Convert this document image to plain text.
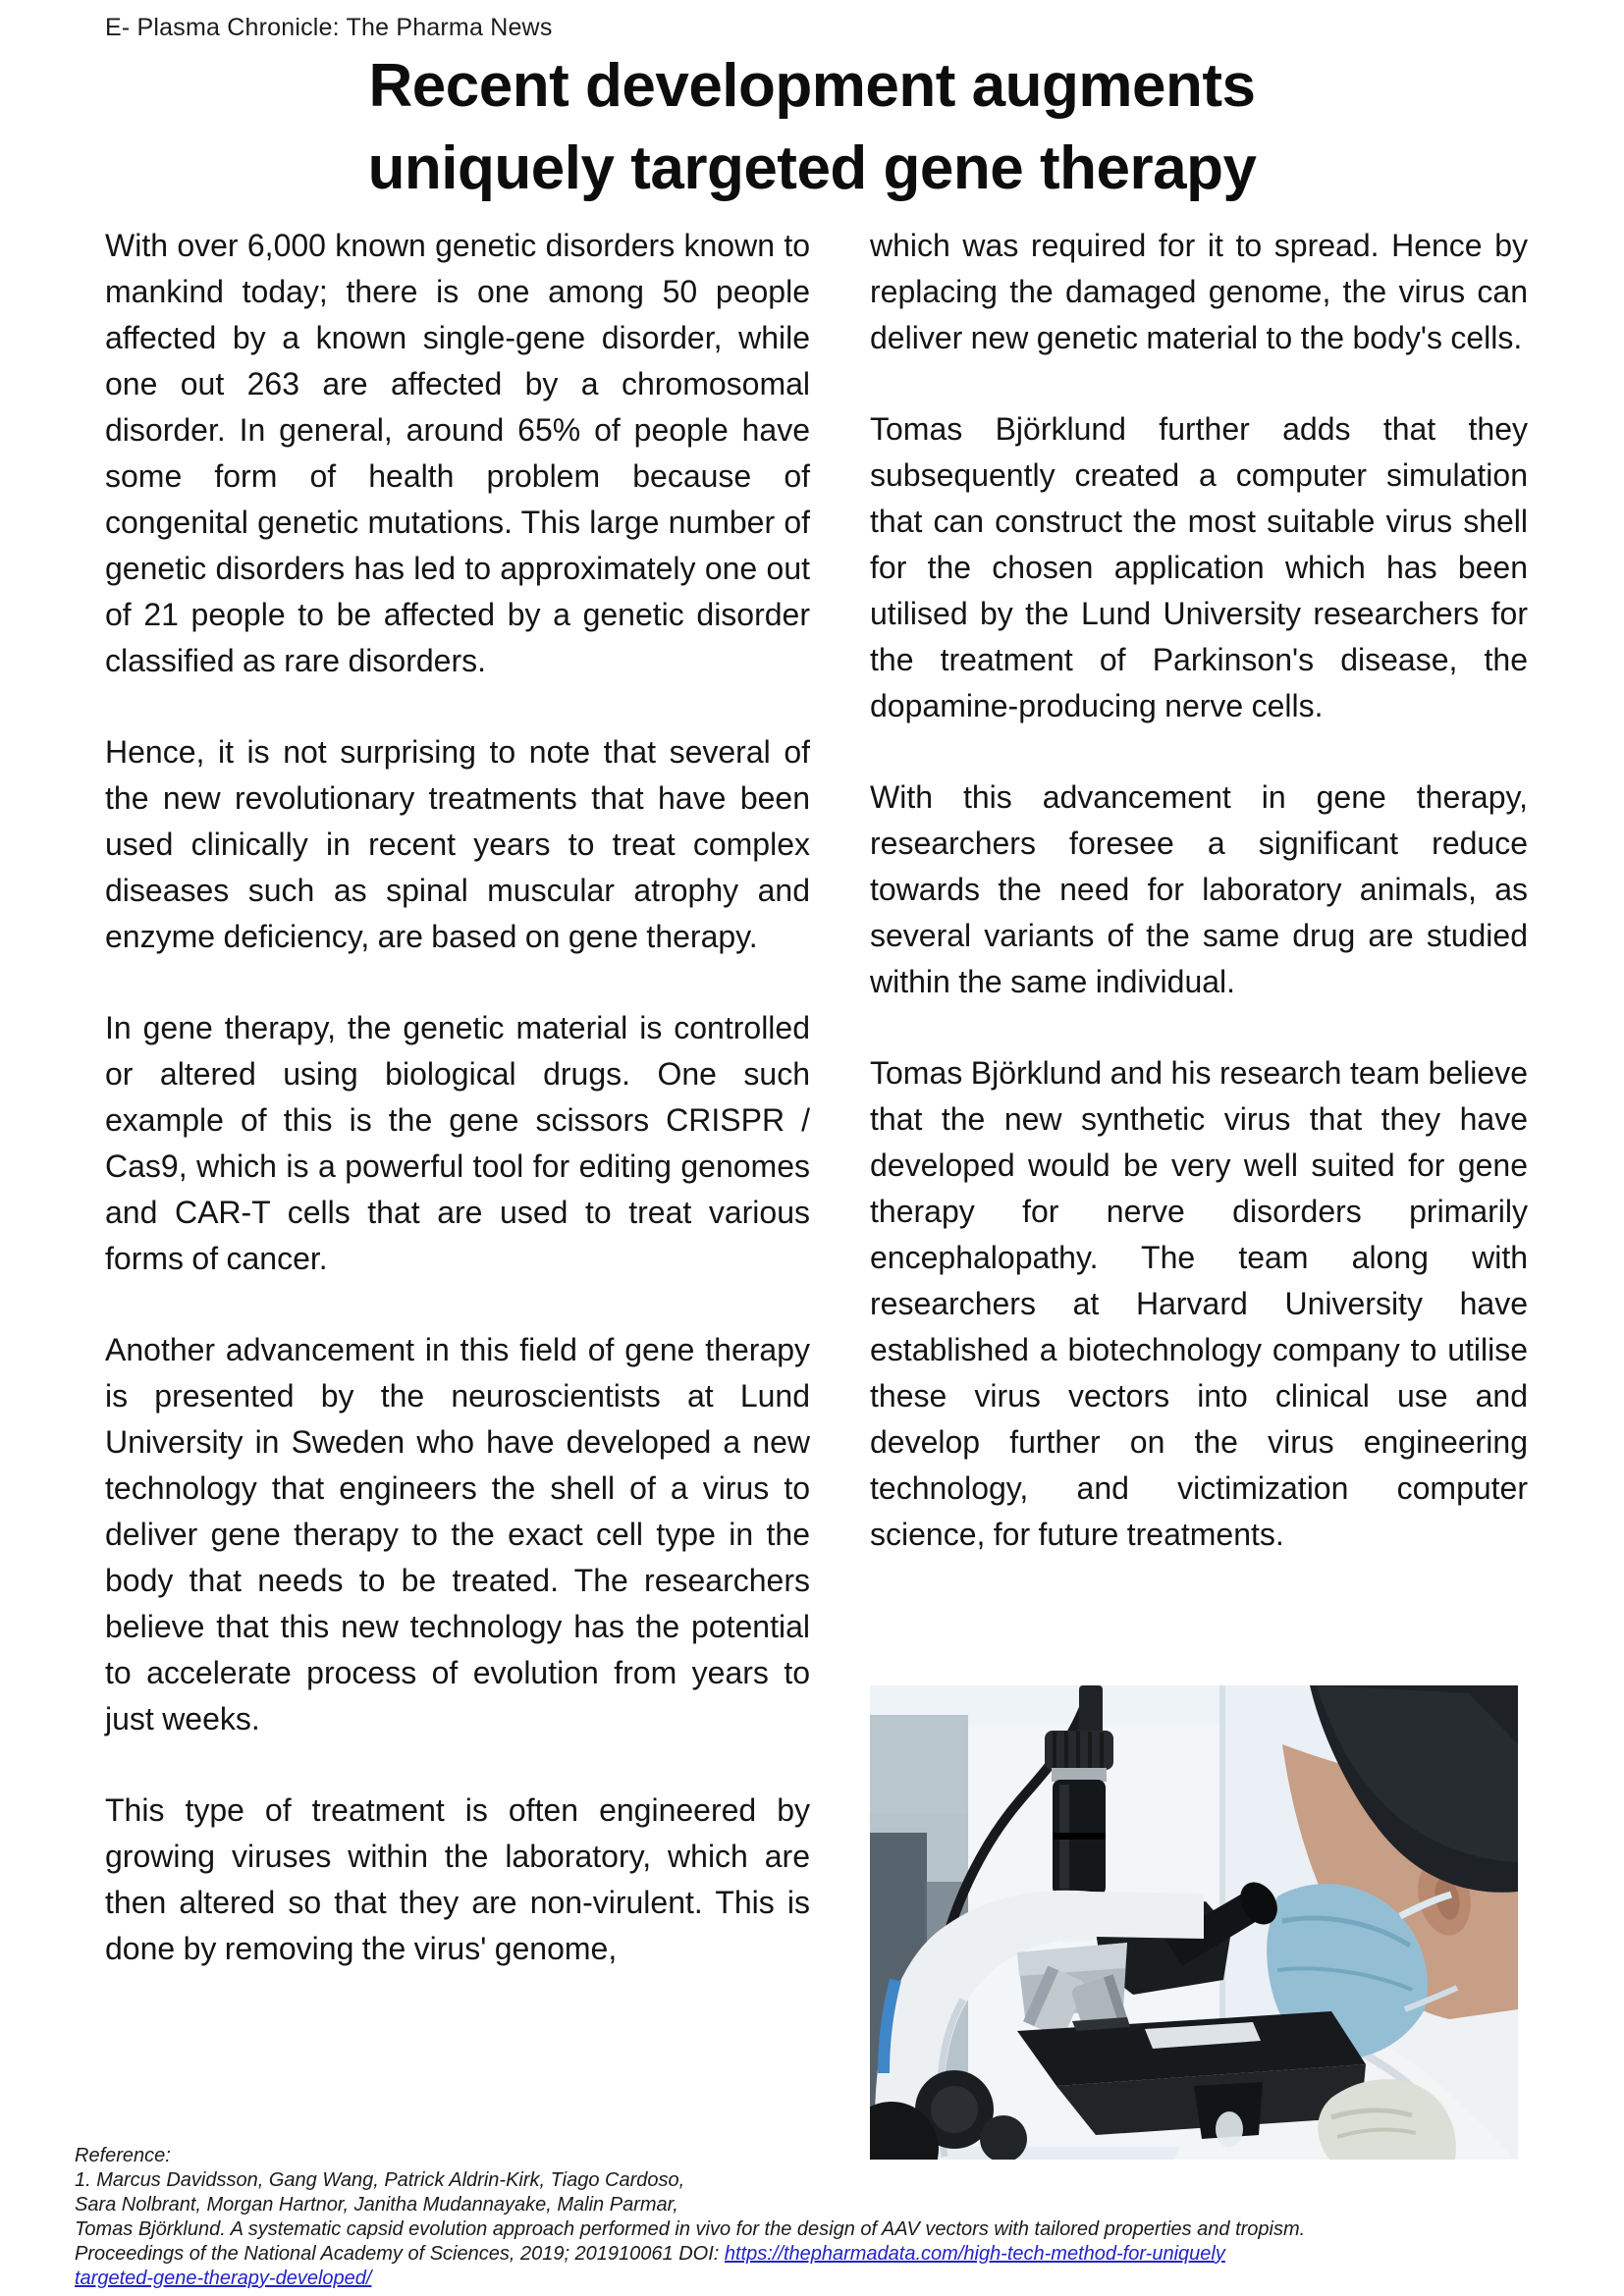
E- Plasma Chronicle: The Pharma News
Recent development augments
uniquely targeted gene therapy

With over 6,000 known genetic disorders known to mankind today; there is one among 50 people affected by a known single-gene disorder, while one out 263 are affected by a chromosomal disorder. In general, around 65% of people have some form of health problem because of congenital genetic mutations. This large number of genetic disorders has led to approximately one out of 21 people to be affected by a genetic disorder classified as rare disorders.

Hence, it is not surprising to note that several of the new revolutionary treatments that have been used clinically in recent years to treat complex diseases such as spinal muscular atrophy and enzyme deficiency, are based on gene therapy.

In gene therapy, the genetic material is controlled or altered using biological drugs. One such example of this is the gene scissors CRISPR / Cas9, which is a powerful tool for editing genomes and CAR-T cells that are used to treat various forms of cancer.

Another advancement in this field of gene therapy is presented by the neuroscientists at Lund University in Sweden who have developed a new technology that engineers the shell of a virus to deliver gene therapy to the exact cell type in the body that needs to be treated. The researchers believe that this new technology has the potential to accelerate process of evolution from years to just weeks.

This type of treatment is often engineered by growing viruses within the laboratory, which are then altered so that they are non-virulent. This is done by removing the virus' genome,

which was required for it to spread. Hence by replacing the damaged genome, the virus can deliver new genetic material to the body's cells.

Tomas Björklund further adds that they subsequently created a computer simulation that can construct the most suitable virus shell for the chosen application which has been utilised by the Lund University researchers for the treatment of Parkinson's disease, the dopamine-producing nerve cells.

With this advancement in gene therapy, researchers foresee a significant reduce towards the need for laboratory animals, as several variants of the same drug are studied within the same individual.

Tomas Björklund and his research team believe that the new synthetic virus that they have developed would be very well suited for gene therapy for nerve disorders primarily encephalopathy. The team along with researchers at Harvard University have established a biotechnology company to utilise these virus vectors into clinical use and develop further on the virus engineering technology, and victimization computer science, for future treatments.

Reference:
1. Marcus Davidsson, Gang Wang, Patrick Aldrin-Kirk, Tiago Cardoso,
Sara Nolbrant, Morgan Hartnor, Janitha Mudannayake, Malin Parmar,
Tomas Björklund. A systematic capsid evolution approach performed in vivo for the design of AAV vectors with tailored properties and tropism.
Proceedings of the National Academy of Sciences, 2019; 201910061 DOI: https://thepharmadata.com/high-tech-method-for-uniquely
targeted-gene-therapy-developed/
